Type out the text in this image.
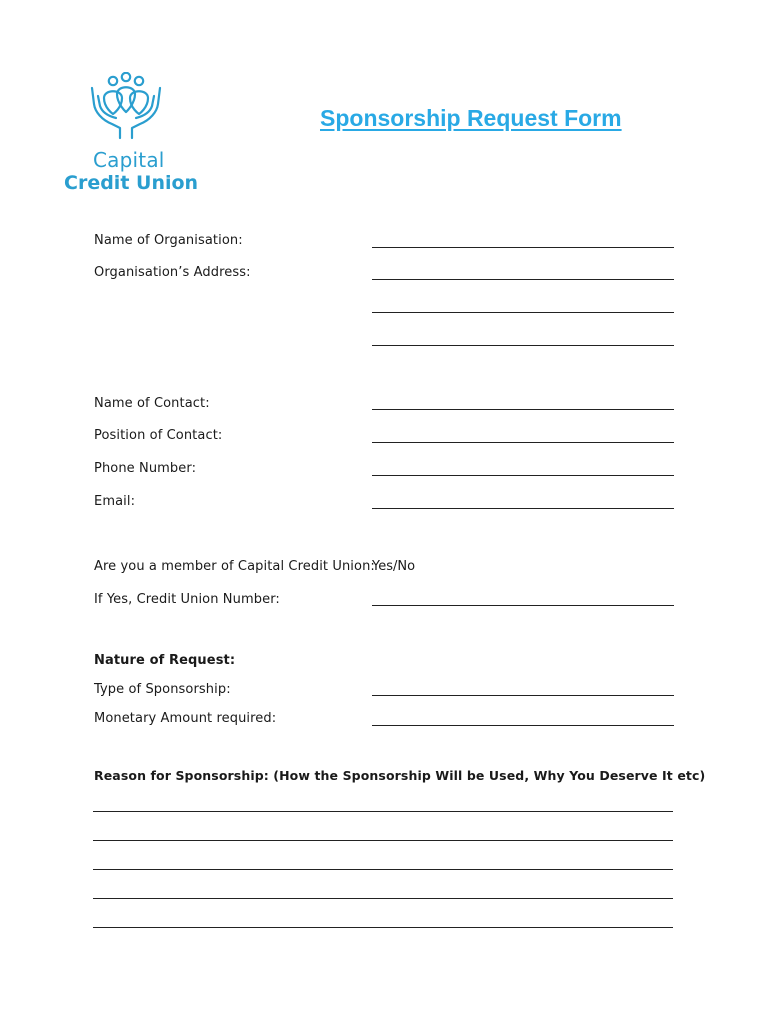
Capital
Credit Union
Sponsorship Request Form
Name of Organisation:
Organisation’s Address:
Name of Contact:
Position of Contact:
Phone Number:
Email:
Are you a member of Capital Credit Union:
Yes/No
If Yes, Credit Union Number:
Nature of Request:
Type of Sponsorship:
Monetary Amount required:
Reason for Sponsorship: (How the Sponsorship Will be Used, Why You Deserve It etc)
